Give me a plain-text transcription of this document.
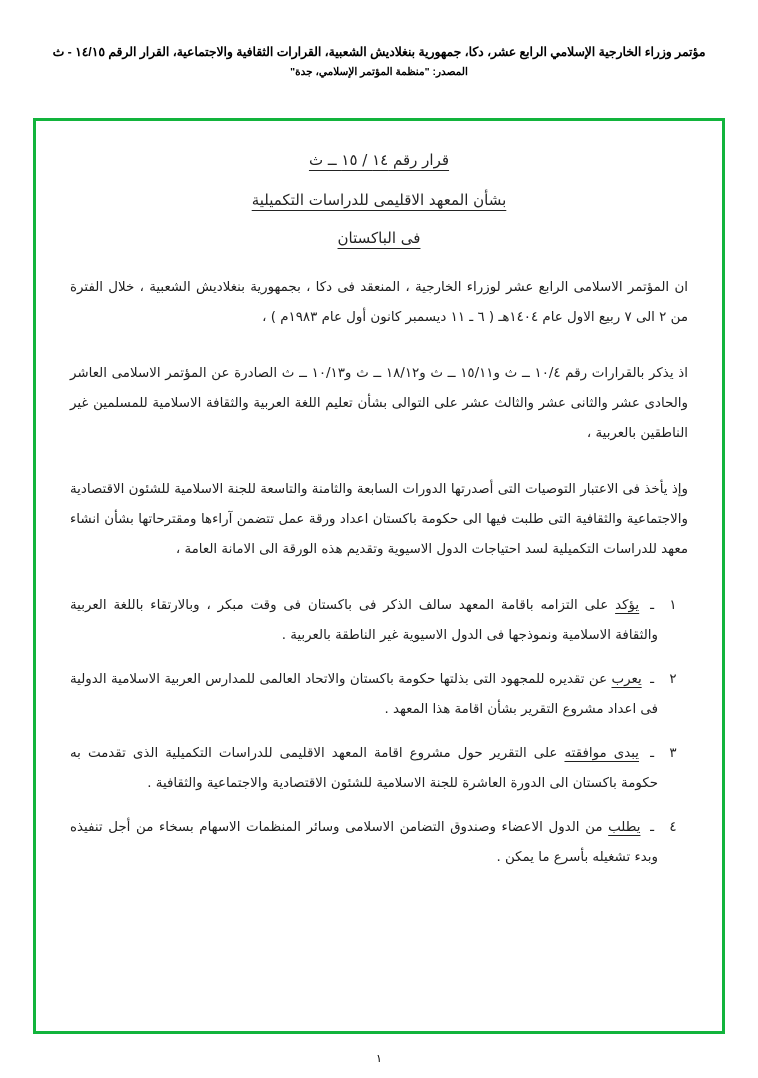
مؤتمر وزراء الخارجية الإسلامي الرابع عشر، دكا، جمهورية بنغلاديش الشعبية، القرارات الثقافية والاجتماعية، القرار الرقم ١٤/١٥ - ث
المصدر: "منظمة المؤتمر الإسلامي، جدة"
قرار رقم ١٤ / ١٥ ــ ث
بشأن المعهد الاقليمى للدراسات التكميلية
فى الباكستان
ان المؤتمر الاسلامى الرابع عشر لوزراء الخارجية ، المنعقد فى دكا ، بجمهورية بنغلاديش الشعبية ، خلال الفترة من ٢ الى ٧ ربيع الاول عام ١٤٠٤هـ ( ٦ ـ ١١ ديسمبر كانون أول عام ١٩٨٣م ) ،
اذ يذكر بالقرارات رقم ١٠/٤ ــ ث و١٥/١١ ــ ث و١٨/١٢ ــ ث و١٠/١٣ ــ ث الصادرة عن المؤتمر الاسلامى العاشر والحادى عشر والثانى عشر والثالث عشر على التوالى بشأن تعليم اللغة العربية والثقافة الاسلامية للمسلمين غير الناطقين بالعربية ،
وإذ يأخذ فى الاعتبار التوصيات التى أصدرتها الدورات السابعة والثامنة والتاسعة للجنة الاسلامية للشئون الاقتصادية والاجتماعية والثقافية التى طلبت فيها الى حكومة باكستان اعداد ورقة عمل تتضمن آراءها ومقترحاتها بشأن انشاء معهد للدراسات التكميلية لسد احتياجات الدول الاسيوية وتقديم هذه الورقة الى الامانة العامة ،
١
ـ يؤكد على التزامه باقامة المعهد سالف الذكر فى باكستان فى وقت مبكر ، وبالارتقاء باللغة العربية والثقافة الاسلامية ونموذجها فى الدول الاسيوية غير الناطقة بالعربية .
٢
ـ يعرب عن تقديره للمجهود التى بذلتها حكومة باكستان والاتحاد العالمى للمدارس العربية الاسلامية الدولية فى اعداد مشروع التقرير بشأن اقامة هذا المعهد .
٣
ـ يبدى موافقته على التقرير حول مشروع اقامة المعهد الاقليمى للدراسات التكميلية الذى تقدمت به حكومة باكستان الى الدورة العاشرة للجنة الاسلامية للشئون الاقتصادية والاجتماعية والثقافية .
٤
ـ يطلب من الدول الاعضاء وصندوق التضامن الاسلامى وسائر المنظمات الاسهام بسخاء من أجل تنفيذه وبدء تشغيله بأسرع ما يمكن .
١
